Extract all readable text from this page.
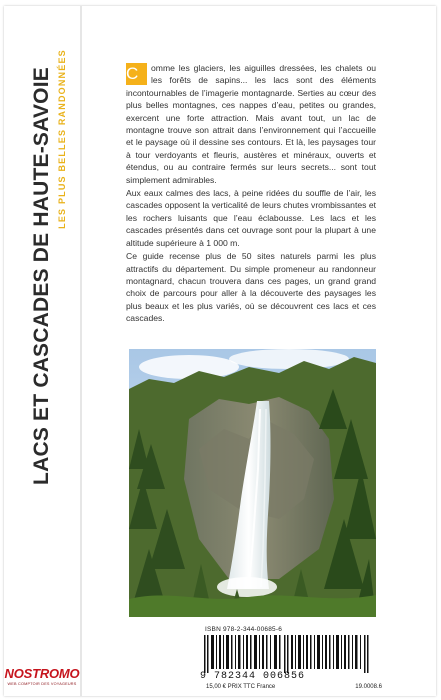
LACS ET CASCADES DE HAUTE-SAVOIE LES PLUS BELLES RANDONNÉES	C	omme les glaciers, les aiguilles dressées, les chalets ou les forêts de sapins... les lacs sont des éléments incontournables de l’imagerie montagnarde. Serties au cœur des plus belles montagnes, ces nappes d’eau, petites ou grandes, exercent une forte attraction. Mais avant tout, un lac de montagne trouve son attrait dans l’environnement qui l’accueille et le paysage où il dessine ses contours. Et là, les paysages tour à tour verdoyants et fleuris, austères et minéraux, ouverts et étendus, ou au contraire fermés sur leurs secrets... sont tout simplement admirables.

Aux eaux calmes des lacs, à peine ridées du souffle de l’air, les cascades opposent la verticalité de leurs chutes vrombissantes et les rochers luisants que l’eau éclabousse. Les lacs et les cascades présentés dans cet ouvrage sont pour la plupart à une altitude supérieure à 1 000 m.

Ce guide recense plus de 50 sites naturels parmi les plus attractifs du département. Du simple promeneur au randonneur montagnard, chacun trouvera dans ces pages, un grand grand choix de parcours pour aller à la découverte des paysages les plus beaux et les plus variés, où se découvrent ces lacs et ces cascades.

ISBN 978-2-344-00685-6
9 782344 006856
15,00 € PRIX TTC France	19.0008.6
NOSTROMO
WEB COMPTOIR DES VOYAGEURS
